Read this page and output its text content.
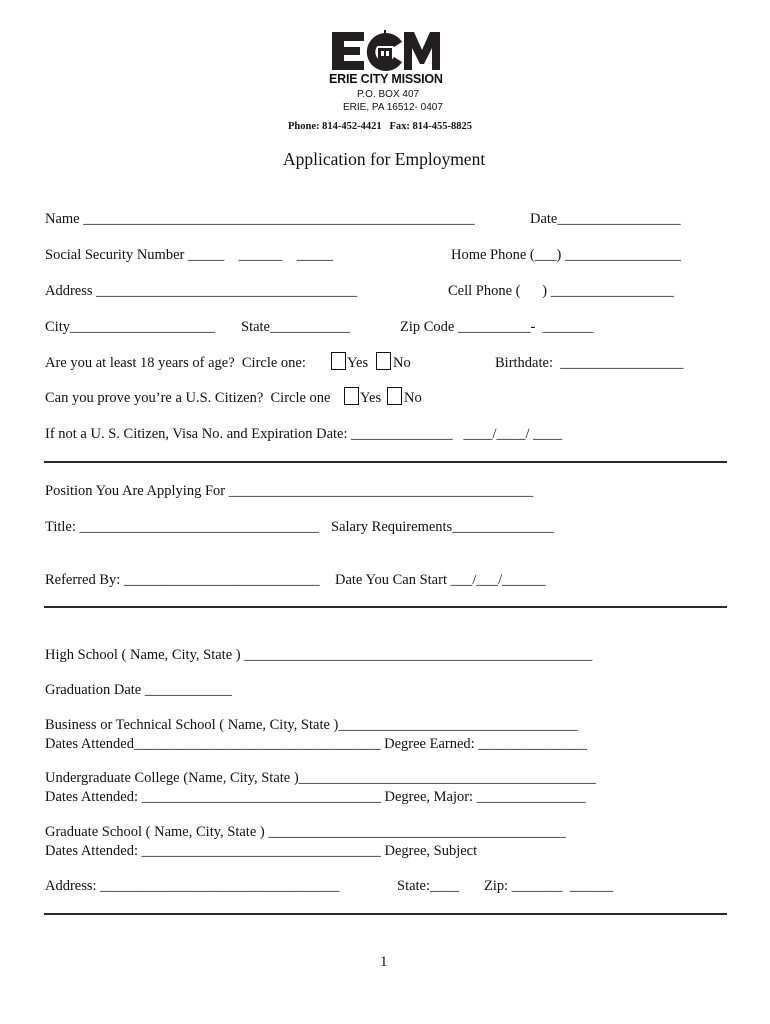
ERIE CITY MISSION
P.O. BOX 407
ERIE, PA 16512- 0407
Phone: 814-452-4421   Fax: 814-455-8825
Application for Employment
Name ______________________________________________________	Date_________________
Social Security Number _____    ______    _____	Home Phone (___) ________________
Address ____________________________________	Cell Phone (      ) _________________
City____________________ State___________	Zip Code __________-  _______
Are you at least 18 years of age?  Circle one:	Yes No	Birthdate:  _________________
Can you prove you’re a U.S. Citizen?  Circle one Yes No
If not a U. S. Citizen, Visa No. and Expiration Date: ______________   ____/____/ ____
Position You Are Applying For __________________________________________
Title: _________________________________ Salary Requirements______________
Referred By: ___________________________ Date You Can Start ___/___/______
High School ( Name, City, State ) ________________________________________________
Graduation Date ____________
Business or Technical School ( Name, City, State )_________________________________
Dates Attended__________________________________ Degree Earned: _______________
Undergraduate College (Name, City, State )_________________________________________
Dates Attended: _________________________________ Degree, Major: _______________
Graduate School ( Name, City, State ) _________________________________________
Dates Attended: _________________________________ Degree, Subject
Address: _________________________________	State:____ Zip: _______  ______
1
